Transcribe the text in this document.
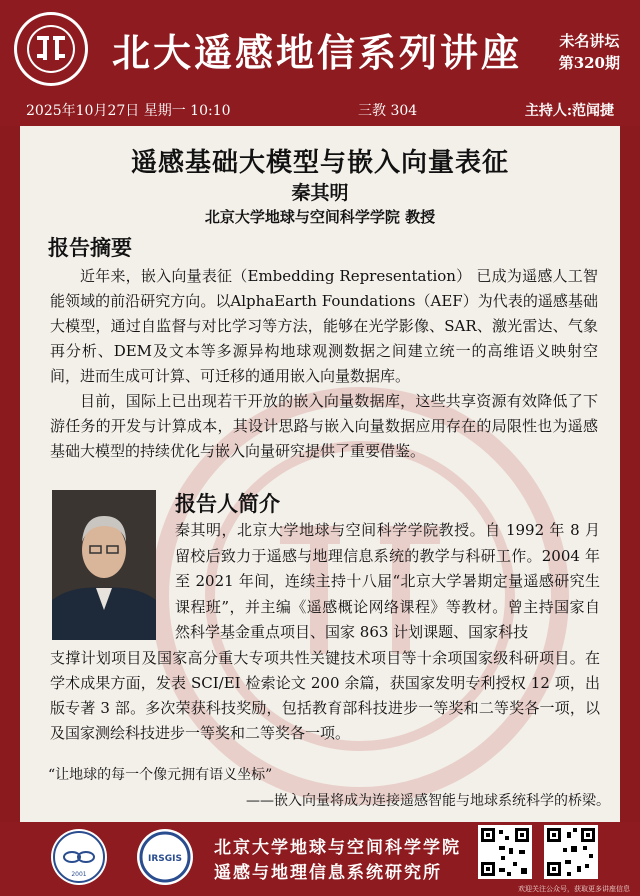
北大遥感地信系列讲座 未名讲坛
第320期
2025年10月27日 星期一 10:10	三教 304	主持人:范闻捷
遥感基础大模型与嵌入向量表征
秦其明
北京大学地球与空间科学学院 教授
报告摘要

近年来，嵌入向量表征（Embedding Representation） 已成为遥感人工智能领域的前沿研究方向。以AlphaEarth Foundations（AEF）为代表的遥感基础大模型，通过自监督与对比学习等方法，能够在光学影像、SAR、激光雷达、气象再分析、DEM及文本等多源异构地球观测数据之间建立统一的高维语义映射空间，进而生成可计算、可迁移的通用嵌入向量数据库。

目前，国际上已出现若干开放的嵌入向量数据库，这些共享资源有效降低了下游任务的开发与计算成本，其设计思路与嵌入向量数据应用存在的局限性也为遥感基础大模型的持续优化与嵌入向量研究提供了重要借鉴。

报告人简介
秦其明，北京大学地球与空间科学学院教授。自 1992 年 8 月留校后致力于遥感与地理信息系统的教学与科研工作。2004 年至 2021 年间，连续主持十八届“北京大学暑期定量遥感研究生课程班”，并主编《遥感概论网络课程》等教材。曾主持国家自然科学基金重点项目、国家 863 计划课题、国家科技
支撑计划项目及国家高分重大专项共性关键技术项目等十余项国家级科研项目。在学术成果方面，发表 SCI/EI 检索论文 200 余篇，获国家发明专利授权 12 项，出版专著 3 部。多次荣获科技奖励，包括教育部科技进步一等奖和二等奖各一项，以及国家测绘科技进步一等奖和二等奖各一项。
“让地球的每一个像元拥有语义坐标”
——嵌入向量将成为连接遥感智能与地球系统科学的桥梁。
2001
IRSGIS
北京大学地球与空间科学学院
遥感与地理信息系统研究所
欢迎关注公众号，获取更多讲座信息
